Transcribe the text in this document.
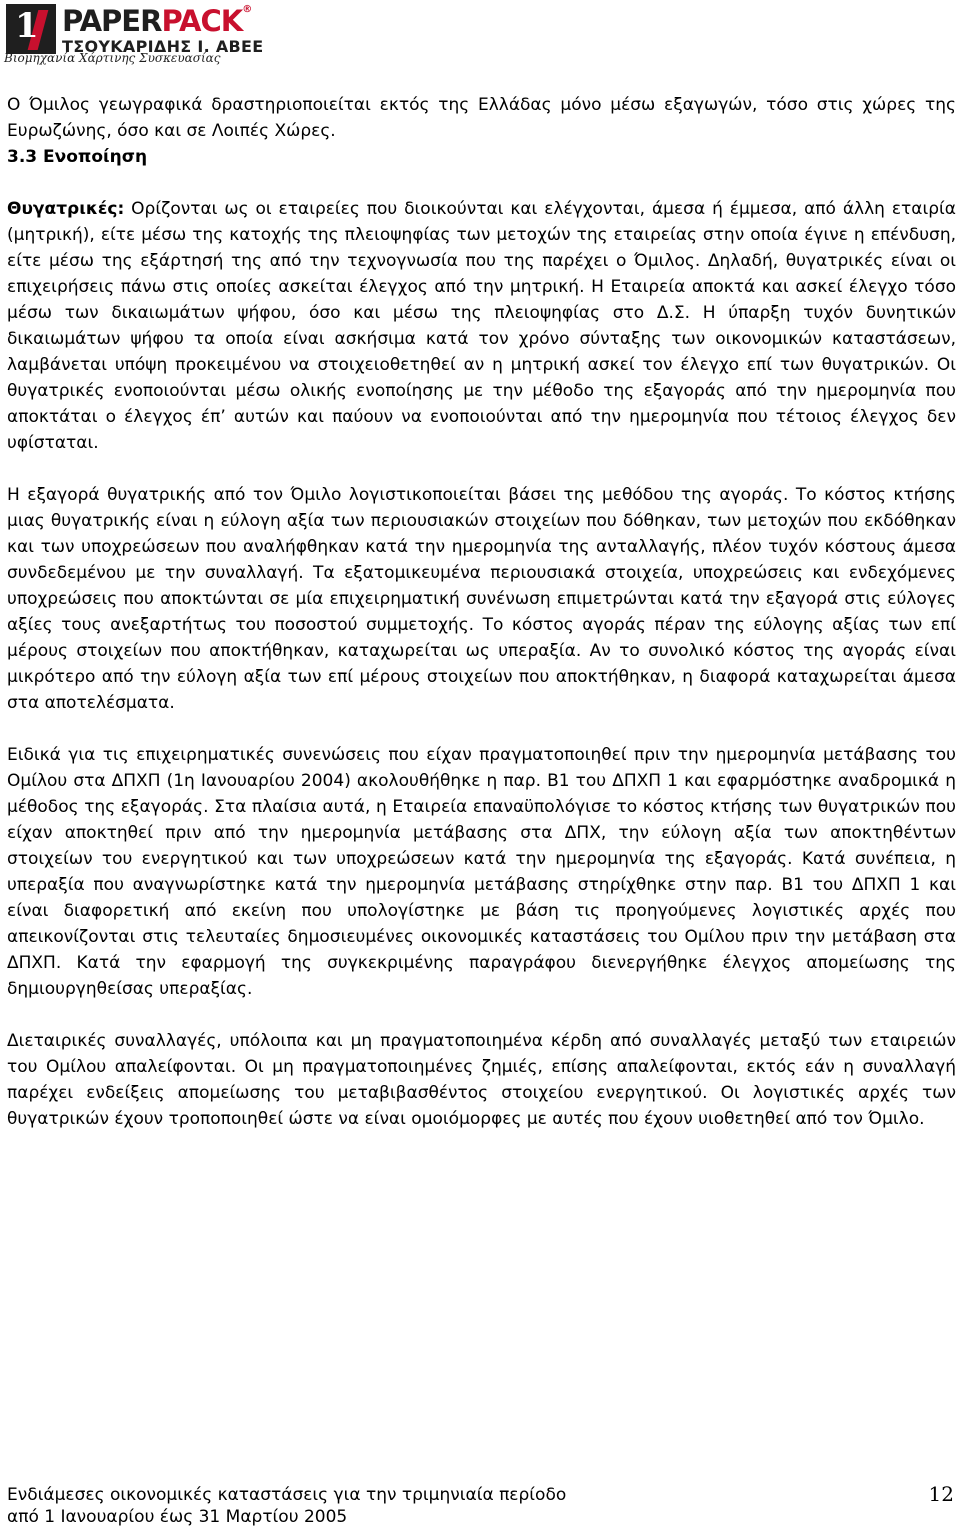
1 PAPERPACK®
ΤΣΟΥΚΑΡΙΔΗΣ Ι. ΑΒΕΕ
Βιομηχανία Χάρτινης Συσκευασίας

Ο Όμιλος γεωγραφικά δραστηριοποιείται εκτός της Ελλάδας μόνο μέσω εξαγωγών, τόσο στις χώρες της Ευρωζώνης, όσο και σε Λοιπές Χώρες.

3.3 Ενοποίηση

Θυγατρικές: Ορίζονται ως οι εταιρείες που διοικούνται και ελέγχονται, άμεσα ή έμμεσα, από άλλη εταιρία (μητρική), είτε μέσω της κατοχής της πλειοψηφίας των μετοχών της εταιρείας στην οποία έγινε η επένδυση, είτε μέσω της εξάρτησή της από την τεχνογνωσία που της παρέχει ο Όμιλος. Δηλαδή, θυγατρικές είναι οι επιχειρήσεις πάνω στις οποίες ασκείται έλεγχος από την μητρική. Η Εταιρεία αποκτά και ασκεί έλεγχο τόσο μέσω των δικαιωμάτων ψήφου, όσο και μέσω της πλειοψηφίας στο Δ.Σ. Η ύπαρξη τυχόν δυνητικών δικαιωμάτων ψήφου τα οποία είναι ασκήσιμα κατά τον χρόνο σύνταξης των οικονομικών καταστάσεων, λαμβάνεται υπόψη προκειμένου να στοιχειοθετηθεί αν η μητρική ασκεί τον έλεγχο επί των θυγατρικών. Οι θυγατρικές ενοποιούνται μέσω ολικής ενοποίησης με την μέθοδο της εξαγοράς από την ημερομηνία που αποκτάται ο έλεγχος έπ’ αυτών και παύουν να ενοποιούνται από την ημερομηνία που τέτοιος έλεγχος δεν υφίσταται.

Η εξαγορά θυγατρικής από τον Όμιλο λογιστικοποιείται βάσει της μεθόδου της αγοράς. Το κόστος κτήσης μιας θυγατρικής είναι η εύλογη αξία των περιουσιακών στοιχείων που δόθηκαν, των μετοχών που εκδόθηκαν και των υποχρεώσεων που αναλήφθηκαν κατά την ημερομηνία της ανταλλαγής, πλέον τυχόν κόστους άμεσα συνδεδεμένου με την συναλλαγή. Τα εξατομικευμένα περιουσιακά στοιχεία, υποχρεώσεις και ενδεχόμενες υποχρεώσεις που αποκτώνται σε μία επιχειρηματική συνένωση επιμετρώνται κατά την εξαγορά στις εύλογες αξίες τους ανεξαρτήτως του ποσοστού συμμετοχής. Το κόστος αγοράς πέραν της εύλογης αξίας των επί μέρους στοιχείων που αποκτήθηκαν, καταχωρείται ως υπεραξία. Αν το συνολικό κόστος της αγοράς είναι μικρότερο από την εύλογη αξία των επί μέρους στοιχείων που αποκτήθηκαν, η διαφορά καταχωρείται άμεσα στα αποτελέσματα.

Ειδικά για τις επιχειρηματικές συνενώσεις που είχαν πραγματοποιηθεί πριν την ημερομηνία μετάβασης του Ομίλου στα ΔΠΧΠ (1η Ιανουαρίου 2004) ακολουθήθηκε η παρ. Β1 του ΔΠΧΠ 1 και εφαρμόστηκε αναδρομικά η μέθοδος της εξαγοράς. Στα πλαίσια αυτά, η Εταιρεία επαναϋπολόγισε το κόστος κτήσης των θυγατρικών που είχαν αποκτηθεί πριν από την ημερομηνία μετάβασης στα ΔΠΧ, την εύλογη αξία των αποκτηθέντων στοιχείων του ενεργητικού και των υποχρεώσεων κατά την ημερομηνία της εξαγοράς. Κατά συνέπεια, η υπεραξία που αναγνωρίστηκε κατά την ημερομηνία μετάβασης στηρίχθηκε στην παρ. Β1 του ΔΠΧΠ 1 και είναι διαφορετική από εκείνη που υπολογίστηκε με βάση τις προηγούμενες λογιστικές αρχές που απεικονίζονται στις τελευταίες δημοσιευμένες οικονομικές καταστάσεις του Ομίλου πριν την μετάβαση στα ΔΠΧΠ. Κατά την εφαρμογή της συγκεκριμένης παραγράφου διενεργήθηκε έλεγχος απομείωσης της δημιουργηθείσας υπεραξίας.

Διεταιρικές συναλλαγές, υπόλοιπα και μη πραγματοποιημένα κέρδη από συναλλαγές μεταξύ των εταιρειών του Ομίλου απαλείφονται. Οι μη πραγματοποιημένες ζημιές, επίσης απαλείφονται, εκτός εάν η συναλλαγή παρέχει ενδείξεις απομείωσης του μεταβιβασθέντος στοιχείου ενεργητικού. Οι λογιστικές αρχές των θυγατρικών έχουν τροποποιηθεί ώστε να είναι ομοιόμορφες με αυτές που έχουν υιοθετηθεί από τον Όμιλο.

Ενδιάμεσες οικονομικές καταστάσεις για την τριμηνιαία περίοδο
από 1 Ιανουαρίου έως 31 Μαρτίου 2005
12
